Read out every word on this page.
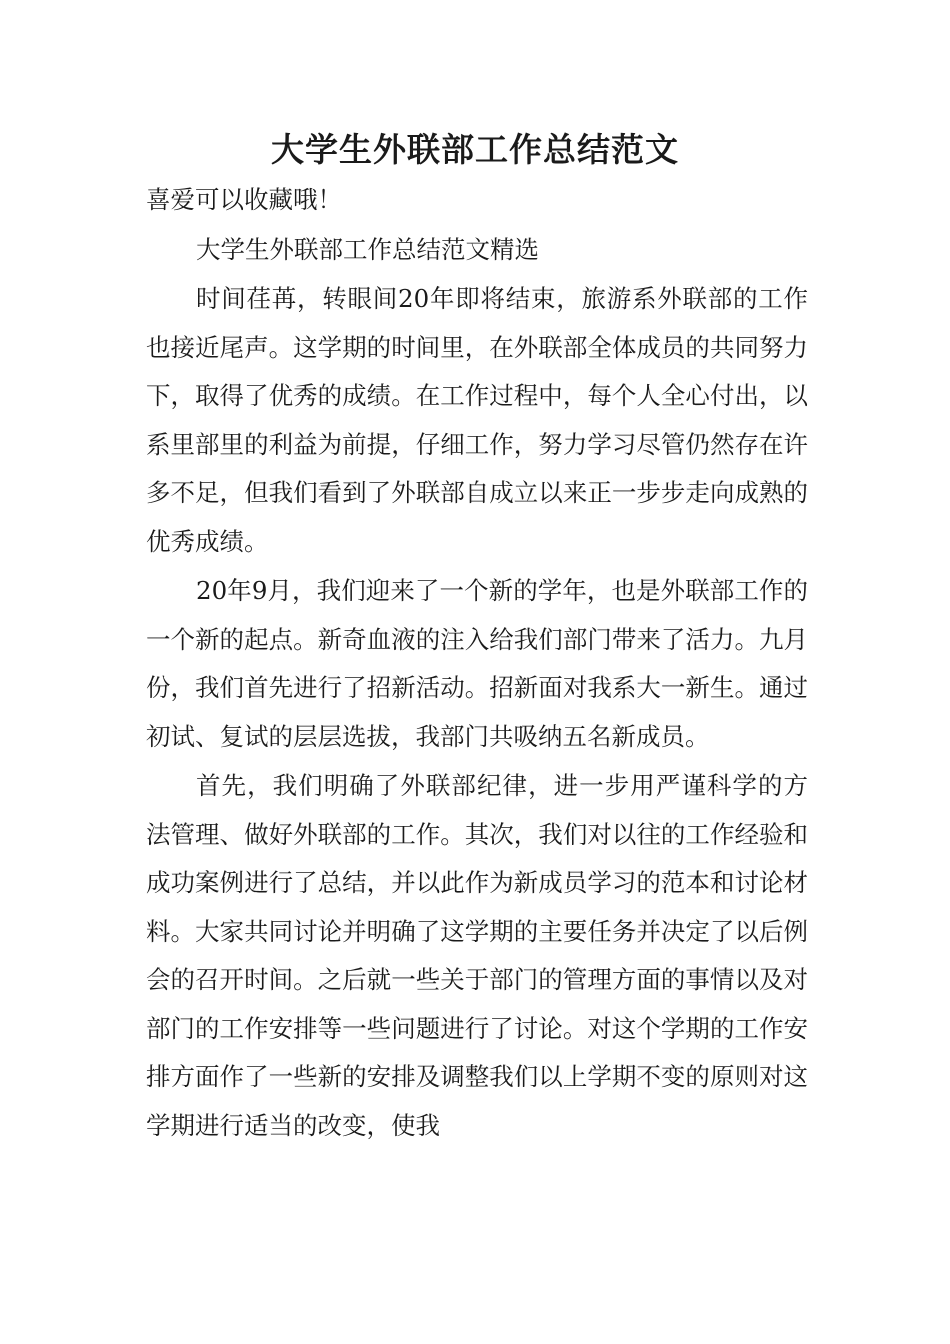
大学生外联部工作总结范文

喜爱可以收藏哦！

大学生外联部工作总结范文精选

时间荏苒，转眼间20年即将结束，旅游系外联部的工作也接近尾声。这学期的时间里，在外联部全体成员的共同努力下，取得了优秀的成绩。在工作过程中，每个人全心付出，以系里部里的利益为前提，仔细工作，努力学习尽管仍然存在许多不足，但我们看到了外联部自成立以来正一步步走向成熟的优秀成绩。

20年9月，我们迎来了一个新的学年，也是外联部工作的一个新的起点。新奇血液的注入给我们部门带来了活力。九月份，我们首先进行了招新活动。招新面对我系大一新生。通过初试、复试的层层选拔，我部门共吸纳五名新成员。

首先，我们明确了外联部纪律，进一步用严谨科学的方法管理、做好外联部的工作。其次，我们对以往的工作经验和成功案例进行了总结，并以此作为新成员学习的范本和讨论材料。大家共同讨论并明确了这学期的主要任务并决定了以后例会的召开时间。之后就一些关于部门的管理方面的事情以及对部门的工作安排等一些问题进行了讨论。对这个学期的工作安排方面作了一些新的安排及调整我们以上学期不变的原则对这学期进行适当的改变，使我
